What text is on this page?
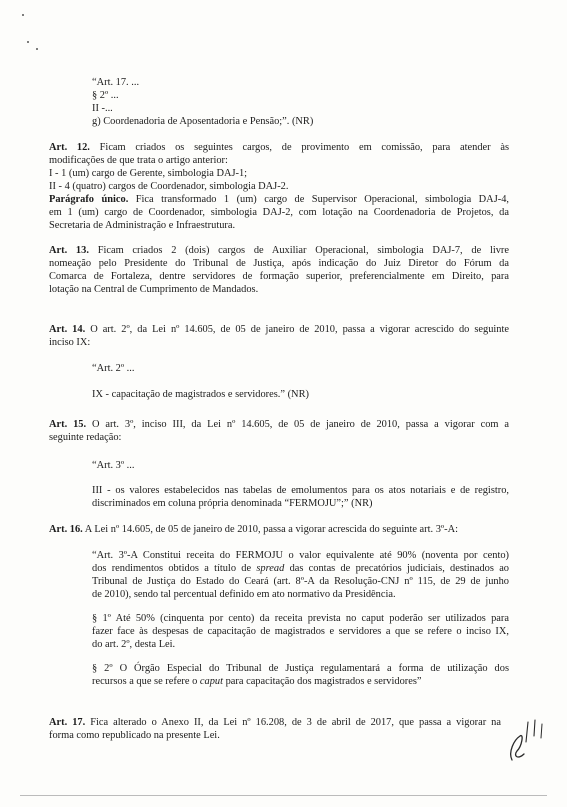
“Art. 17. ...
§ 2º ...
II -...
g) Coordenadoria de Aposentadoria e Pensão;”. (NR)
Art. 12. Ficam criados os seguintes cargos, de provimento em comissão, para atender às
modificações de que trata o artigo anterior:
I - 1 (um) cargo de Gerente, simbologia DAJ-1;
II - 4 (quatro) cargos de Coordenador, simbologia DAJ-2.
Parágrafo único. Fica transformado 1 (um) cargo de Supervisor Operacional, simbologia DAJ-4,
em 1 (um) cargo de Coordenador, simbologia DAJ-2, com lotação na Coordenadoria de Projetos, da
Secretaria de Administração e Infraestrutura.
Art. 13. Ficam criados 2 (dois) cargos de Auxiliar Operacional, simbologia DAJ-7, de livre
nomeação pelo Presidente do Tribunal de Justiça, após indicação do Juiz Diretor do Fórum da
Comarca de Fortaleza, dentre servidores de formação superior, preferencialmente em Direito, para
lotação na Central de Cumprimento de Mandados.
Art. 14. O art. 2º, da Lei nº 14.605, de 05 de janeiro de 2010, passa a vigorar acrescido do seguinte
inciso IX:
“Art. 2º ...
IX - capacitação de magistrados e servidores.” (NR)
Art. 15. O art. 3º, inciso III, da Lei nº 14.605, de 05 de janeiro de 2010, passa a vigorar com a
seguinte redação:
“Art. 3º ...
III - os valores estabelecidos nas tabelas de emolumentos para os atos notariais e de registro,
discriminados em coluna própria denominada “FERMOJU”;” (NR)
Art. 16. A Lei nº 14.605, de 05 de janeiro de 2010, passa a vigorar acrescida do seguinte art. 3º-A:
“Art. 3º-A Constitui receita do FERMOJU o valor equivalente até 90% (noventa por cento)
dos rendimentos obtidos a título de spread das contas de precatórios judiciais, destinados ao
Tribunal de Justiça do Estado do Ceará (art. 8º-A da Resolução-CNJ nº 115, de 29 de junho
de 2010), sendo tal percentual definido em ato normativo da Presidência.
§ 1º Até 50% (cinquenta por cento) da receita prevista no caput poderão ser utilizados para
fazer face às despesas de capacitação de magistrados e servidores a que se refere o inciso IX,
do art. 2º, desta Lei.
§ 2º O Órgão Especial do Tribunal de Justiça regulamentará a forma de utilização dos
recursos a que se refere o caput para capacitação dos magistrados e servidores”
Art. 17. Fica alterado o Anexo II, da Lei nº 16.208, de 3 de abril de 2017, que passa a vigorar na
forma como republicado na presente Lei.
